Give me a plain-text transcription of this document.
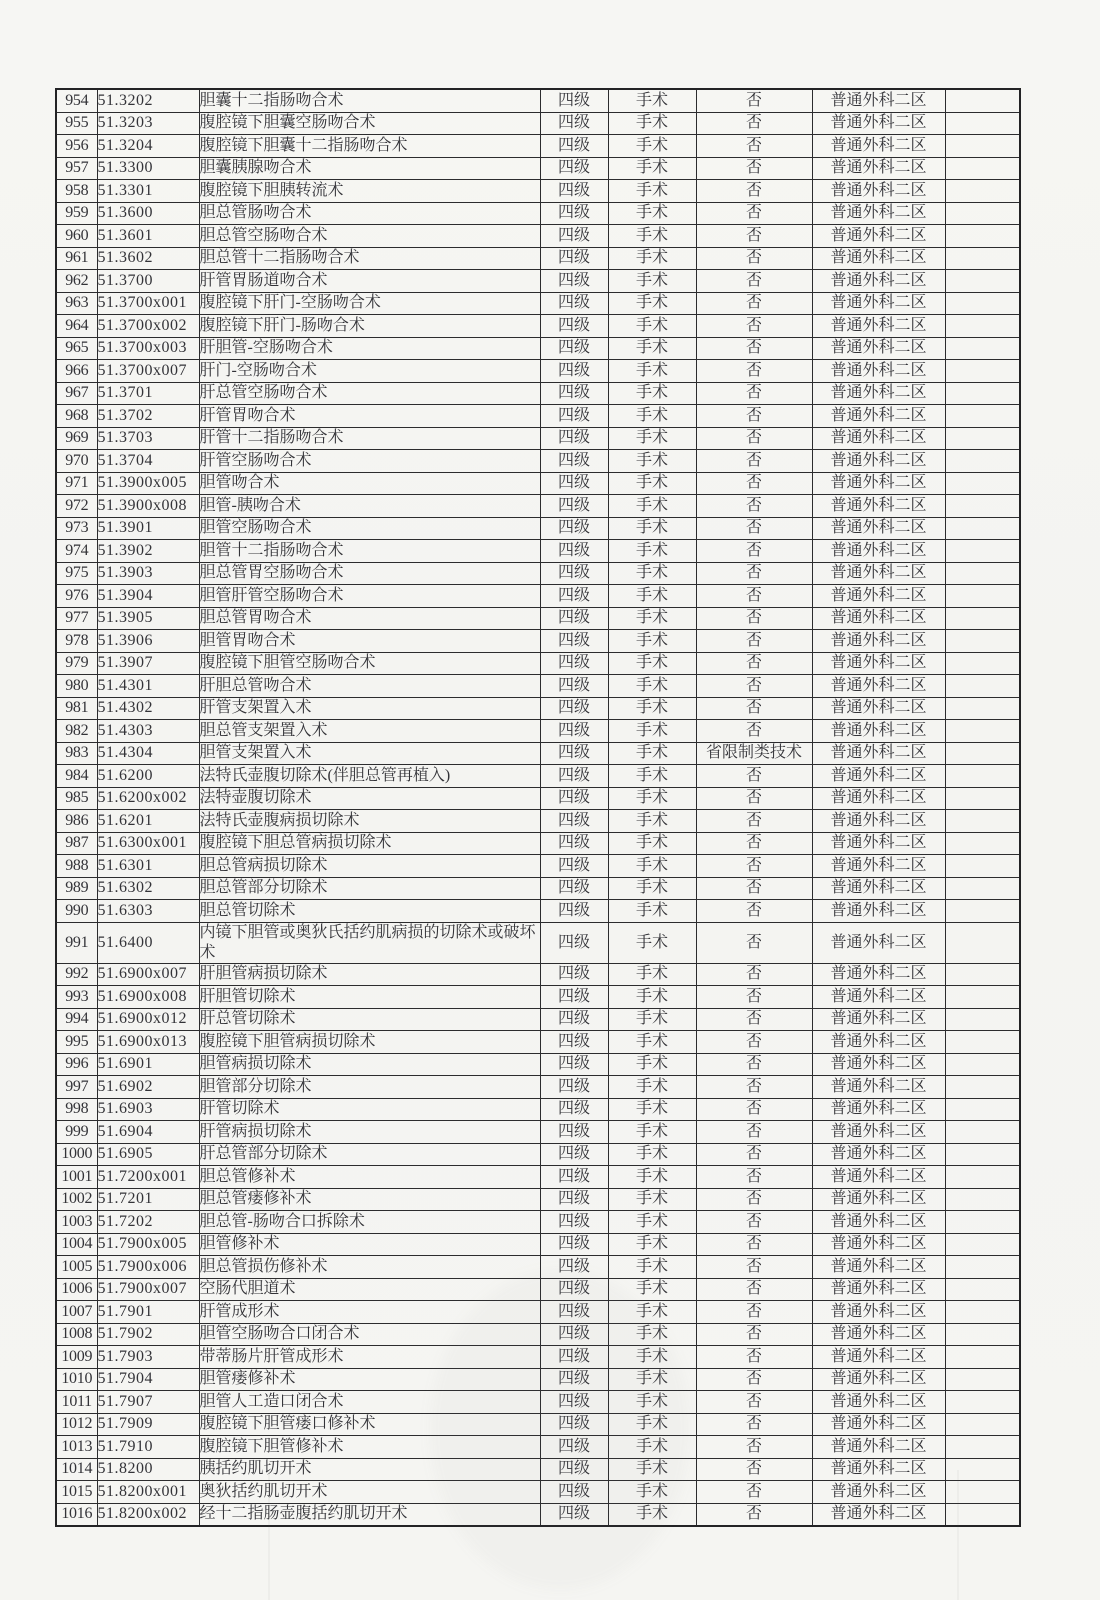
954	51.3202	胆囊十二指肠吻合术	四级	手术	否	普通外科二区	
955	51.3203	腹腔镜下胆囊空肠吻合术	四级	手术	否	普通外科二区	
956	51.3204	腹腔镜下胆囊十二指肠吻合术	四级	手术	否	普通外科二区	
957	51.3300	胆囊胰腺吻合术	四级	手术	否	普通外科二区	
958	51.3301	腹腔镜下胆胰转流术	四级	手术	否	普通外科二区	
959	51.3600	胆总管肠吻合术	四级	手术	否	普通外科二区	
960	51.3601	胆总管空肠吻合术	四级	手术	否	普通外科二区	
961	51.3602	胆总管十二指肠吻合术	四级	手术	否	普通外科二区	
962	51.3700	肝管胃肠道吻合术	四级	手术	否	普通外科二区	
963	51.3700x001	腹腔镜下肝门-空肠吻合术	四级	手术	否	普通外科二区	
964	51.3700x002	腹腔镜下肝门-肠吻合术	四级	手术	否	普通外科二区	
965	51.3700x003	肝胆管-空肠吻合术	四级	手术	否	普通外科二区	
966	51.3700x007	肝门-空肠吻合术	四级	手术	否	普通外科二区	
967	51.3701	肝总管空肠吻合术	四级	手术	否	普通外科二区	
968	51.3702	肝管胃吻合术	四级	手术	否	普通外科二区	
969	51.3703	肝管十二指肠吻合术	四级	手术	否	普通外科二区	
970	51.3704	肝管空肠吻合术	四级	手术	否	普通外科二区	
971	51.3900x005	胆管吻合术	四级	手术	否	普通外科二区	
972	51.3900x008	胆管-胰吻合术	四级	手术	否	普通外科二区	
973	51.3901	胆管空肠吻合术	四级	手术	否	普通外科二区	
974	51.3902	胆管十二指肠吻合术	四级	手术	否	普通外科二区	
975	51.3903	胆总管胃空肠吻合术	四级	手术	否	普通外科二区	
976	51.3904	胆管肝管空肠吻合术	四级	手术	否	普通外科二区	
977	51.3905	胆总管胃吻合术	四级	手术	否	普通外科二区	
978	51.3906	胆管胃吻合术	四级	手术	否	普通外科二区	
979	51.3907	腹腔镜下胆管空肠吻合术	四级	手术	否	普通外科二区	
980	51.4301	肝胆总管吻合术	四级	手术	否	普通外科二区	
981	51.4302	肝管支架置入术	四级	手术	否	普通外科二区	
982	51.4303	胆总管支架置入术	四级	手术	否	普通外科二区	
983	51.4304	胆管支架置入术	四级	手术	省限制类技术	普通外科二区	
984	51.6200	法特氏壶腹切除术(伴胆总管再植入)	四级	手术	否	普通外科二区	
985	51.6200x002	法特壶腹切除术	四级	手术	否	普通外科二区	
986	51.6201	法特氏壶腹病损切除术	四级	手术	否	普通外科二区	
987	51.6300x001	腹腔镜下胆总管病损切除术	四级	手术	否	普通外科二区	
988	51.6301	胆总管病损切除术	四级	手术	否	普通外科二区	
989	51.6302	胆总管部分切除术	四级	手术	否	普通外科二区	
990	51.6303	胆总管切除术	四级	手术	否	普通外科二区	
991	51.6400	内镜下胆管或奥狄氏括约肌病损的切除术或破坏术	四级	手术	否	普通外科二区	
992	51.6900x007	肝胆管病损切除术	四级	手术	否	普通外科二区	
993	51.6900x008	肝胆管切除术	四级	手术	否	普通外科二区	
994	51.6900x012	肝总管切除术	四级	手术	否	普通外科二区	
995	51.6900x013	腹腔镜下胆管病损切除术	四级	手术	否	普通外科二区	
996	51.6901	胆管病损切除术	四级	手术	否	普通外科二区	
997	51.6902	胆管部分切除术	四级	手术	否	普通外科二区	
998	51.6903	肝管切除术	四级	手术	否	普通外科二区	
999	51.6904	肝管病损切除术	四级	手术	否	普通外科二区	
1000	51.6905	肝总管部分切除术	四级	手术	否	普通外科二区	
1001	51.7200x001	胆总管修补术	四级	手术	否	普通外科二区	
1002	51.7201	胆总管瘘修补术	四级	手术	否	普通外科二区	
1003	51.7202	胆总管-肠吻合口拆除术	四级	手术	否	普通外科二区	
1004	51.7900x005	胆管修补术	四级	手术	否	普通外科二区	
1005	51.7900x006	胆总管损伤修补术	四级	手术	否	普通外科二区	
1006	51.7900x007	空肠代胆道术	四级	手术	否	普通外科二区	
1007	51.7901	肝管成形术	四级	手术	否	普通外科二区	
1008	51.7902	胆管空肠吻合口闭合术	四级	手术	否	普通外科二区	
1009	51.7903	带蒂肠片肝管成形术	四级	手术	否	普通外科二区	
1010	51.7904	胆管瘘修补术	四级	手术	否	普通外科二区	
1011	51.7907	胆管人工造口闭合术	四级	手术	否	普通外科二区	
1012	51.7909	腹腔镜下胆管瘘口修补术	四级	手术	否	普通外科二区	
1013	51.7910	腹腔镜下胆管修补术	四级	手术	否	普通外科二区	
1014	51.8200	胰括约肌切开术	四级	手术	否	普通外科二区	
1015	51.8200x001	奥狄括约肌切开术	四级	手术	否	普通外科二区	
1016	51.8200x002	经十二指肠壶腹括约肌切开术	四级	手术	否	普通外科二区	
